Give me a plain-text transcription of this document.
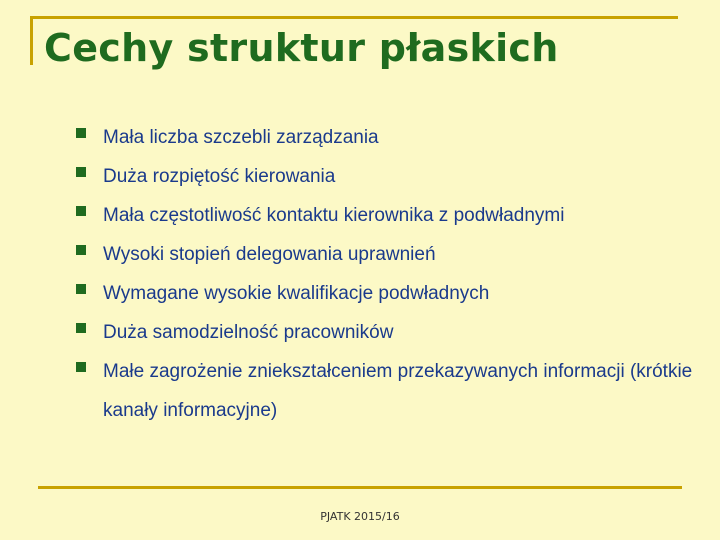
Cechy struktur płaskich
Mała liczba szczebli zarządzania
Duża rozpiętość kierowania
Mała częstotliwość kontaktu kierownika z podwładnymi
Wysoki stopień delegowania uprawnień
Wymagane wysokie kwalifikacje podwładnych
Duża samodzielność pracowników
Małe zagrożenie zniekształceniem przekazywanych informacji (krótkie kanały informacyjne)
PJATK 2015/16
